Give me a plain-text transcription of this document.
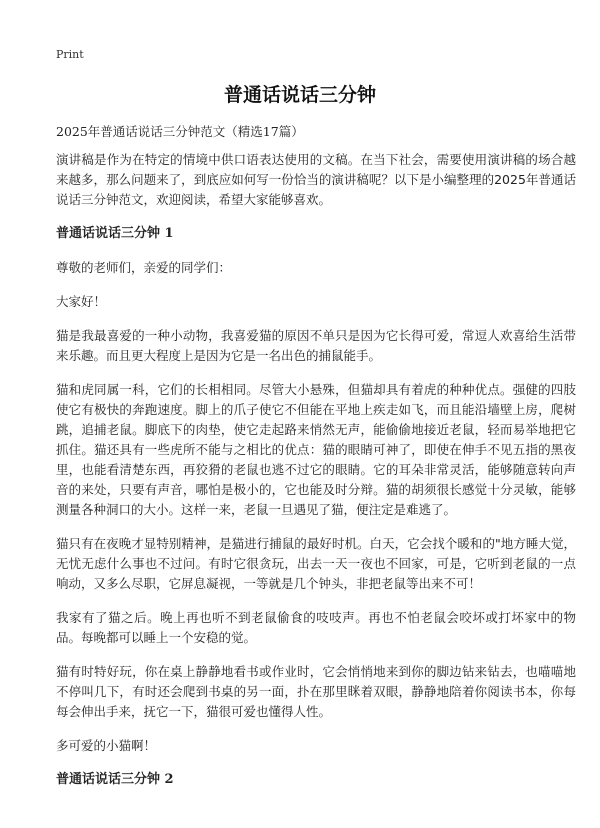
Print
普通话说话三分钟
2025年普通话说话三分钟范文（精选17篇）

演讲稿是作为在特定的情境中供口语表达使用的文稿。在当下社会，需要使用演讲稿的场合越来越多，那么问题来了，到底应如何写一份恰当的演讲稿呢？以下是小编整理的2025年普通话说话三分钟范文，欢迎阅读，希望大家能够喜欢。

普通话说话三分钟 1

尊敬的老师们，亲爱的同学们：

大家好！

猫是我最喜爱的一种小动物，我喜爱猫的原因不单只是因为它长得可爱，常逗人欢喜给生活带来乐趣。而且更大程度上是因为它是一名出色的捕鼠能手。

猫和虎同属一科，它们的长相相同。尽管大小悬殊，但猫却具有着虎的种种优点。强健的四肢使它有极快的奔跑速度。脚上的爪子使它不但能在平地上疾走如飞，而且能沿墙壁上房，爬树跳，追捕老鼠。脚底下的肉垫，使它走起路来悄然无声，能偷偷地接近老鼠，轻而易举地把它抓住。猫还具有一些虎所不能与之相比的优点：猫的眼睛可神了，即使在伸手不见五指的黑夜里，也能看清楚东西，再狡猾的老鼠也逃不过它的眼睛。它的耳朵非常灵活，能够随意转向声音的来处，只要有声音，哪怕是极小的，它也能及时分辩。猫的胡须很长感觉十分灵敏，能够测量各种洞口的大小。这样一来，老鼠一旦遇见了猫，便注定是难逃了。

猫只有在夜晚才显特别精神，是猫进行捕鼠的最好时机。白天，它会找个暖和的"地方睡大觉，无忧无虑什么事也不过问。有时它很贪玩，出去一天一夜也不回家，可是，它听到老鼠的一点响动，又多么尽职，它屏息凝视，一等就是几个钟头，非把老鼠等出来不可！

我家有了猫之后。晚上再也听不到老鼠偷食的吱吱声。再也不怕老鼠会咬坏或打坏家中的物品。每晚都可以睡上一个安稳的觉。

猫有时特好玩，你在桌上静静地看书或作业时，它会悄悄地来到你的脚边钻来钻去，也喵喵地不停叫几下，有时还会爬到书桌的另一面，扑在那里眯着双眼，静静地陪着你阅读书本，你每每会伸出手来，抚它一下，猫很可爱也懂得人性。

多可爱的小猫啊！

普通话说话三分钟 2
